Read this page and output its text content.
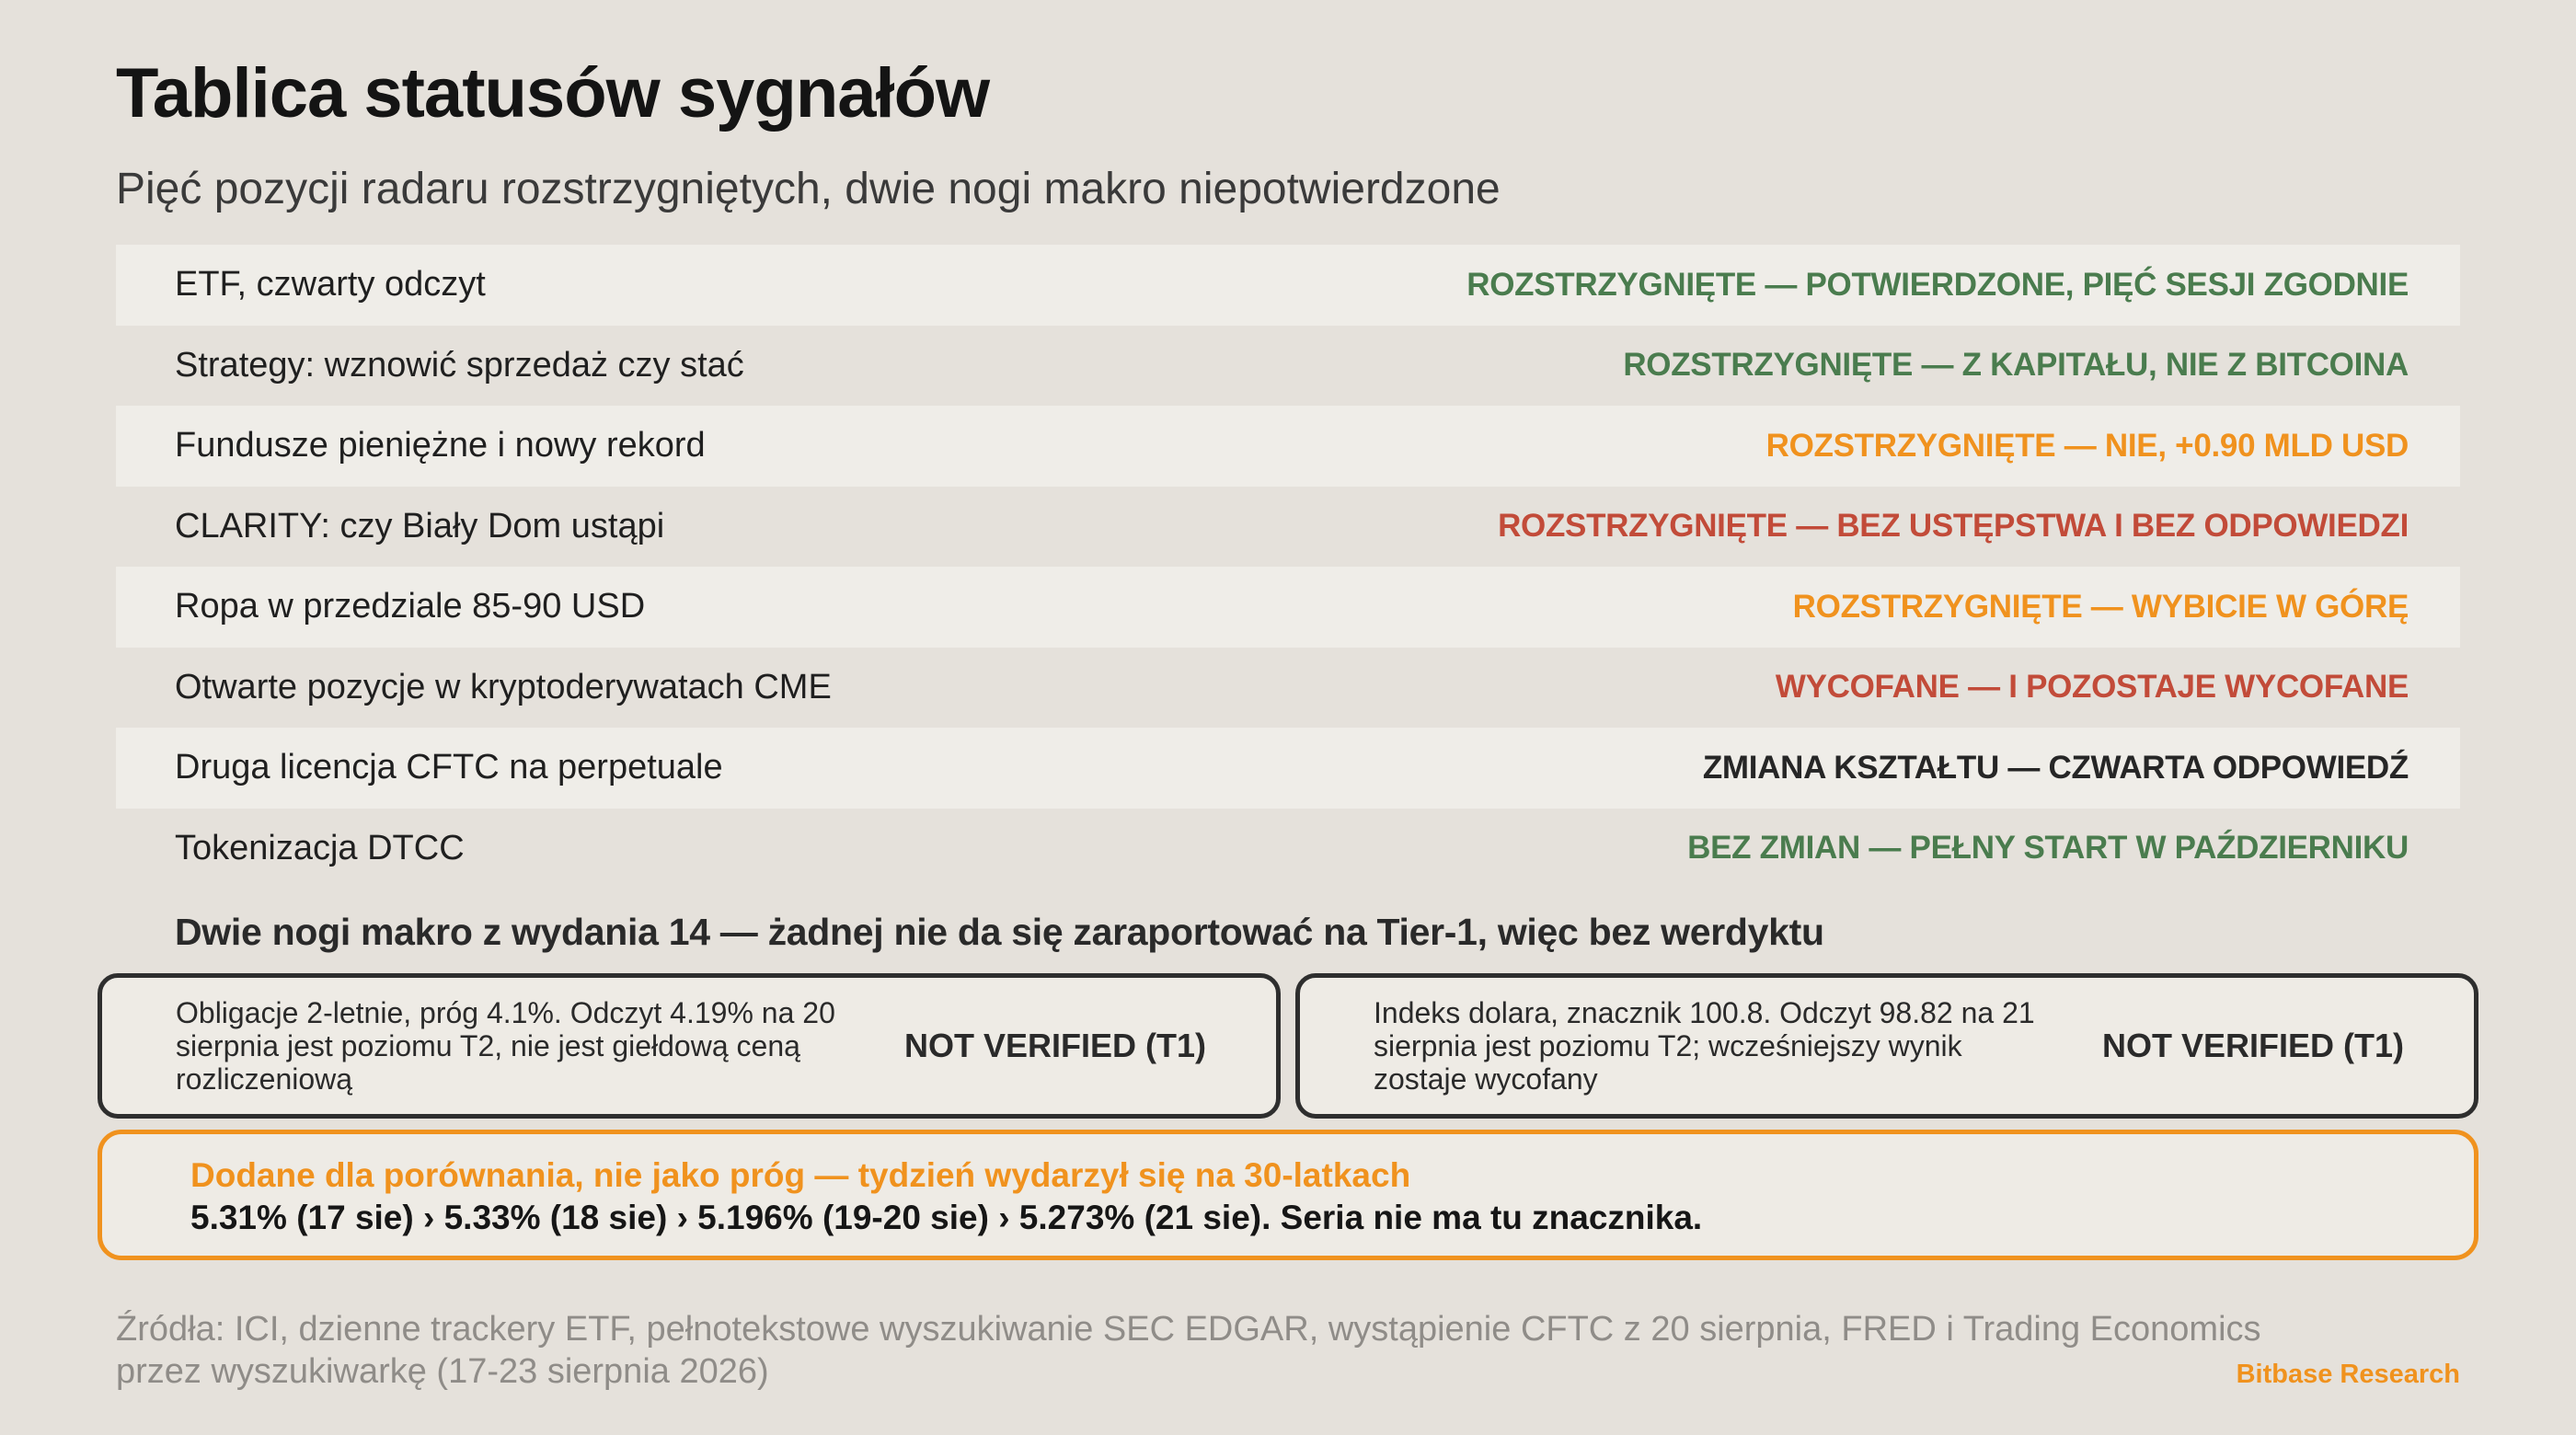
Tablica statusów sygnałów
Pięć pozycji radaru rozstrzygniętych, dwie nogi makro niepotwierdzone
ETF, czwarty odczyt	ROZSTRZYGNIĘTE — POTWIERDZONE, PIĘĆ SESJI ZGODNIE
Strategy: wznowić sprzedaż czy stać	ROZSTRZYGNIĘTE — Z KAPITAŁU, NIE Z BITCOINA
Fundusze pieniężne i nowy rekord	ROZSTRZYGNIĘTE — NIE, +0.90 MLD USD
CLARITY: czy Biały Dom ustąpi	ROZSTRZYGNIĘTE — BEZ USTĘPSTWA I BEZ ODPOWIEDZI
Ropa w przedziale 85-90 USD	ROZSTRZYGNIĘTE — WYBICIE W GÓRĘ
Otwarte pozycje w kryptoderywatach CME	WYCOFANE — I POZOSTAJE WYCOFANE
Druga licencja CFTC na perpetuale	ZMIANA KSZTAŁTU — CZWARTA ODPOWIEDŹ
Tokenizacja DTCC	BEZ ZMIAN — PEŁNY START W PAŹDZIERNIKU
Dwie nogi makro z wydania 14 — żadnej nie da się zaraportować na Tier-1, więc bez werdyktu
Obligacje 2-letnie, próg 4.1%. Odczyt 4.19% na 20 sierpnia jest poziomu T2, nie jest giełdową ceną rozliczeniową
NOT VERIFIED (T1)
Indeks dolara, znacznik 100.8. Odczyt 98.82 na 21 sierpnia jest poziomu T2; wcześniejszy wynik zostaje wycofany
NOT VERIFIED (T1)
Dodane dla porównania, nie jako próg — tydzień wydarzył się na 30-latkach
5.31% (17 sie) › 5.33% (18 sie) › 5.196% (19-20 sie) › 5.273% (21 sie). Seria nie ma tu znacznika.
Źródła: ICI, dzienne trackery ETF, pełnotekstowe wyszukiwanie SEC EDGAR, wystąpienie CFTC z 20 sierpnia, FRED i Trading Economics przez wyszukiwarkę (17-23 sierpnia 2026)	Bitbase Research
